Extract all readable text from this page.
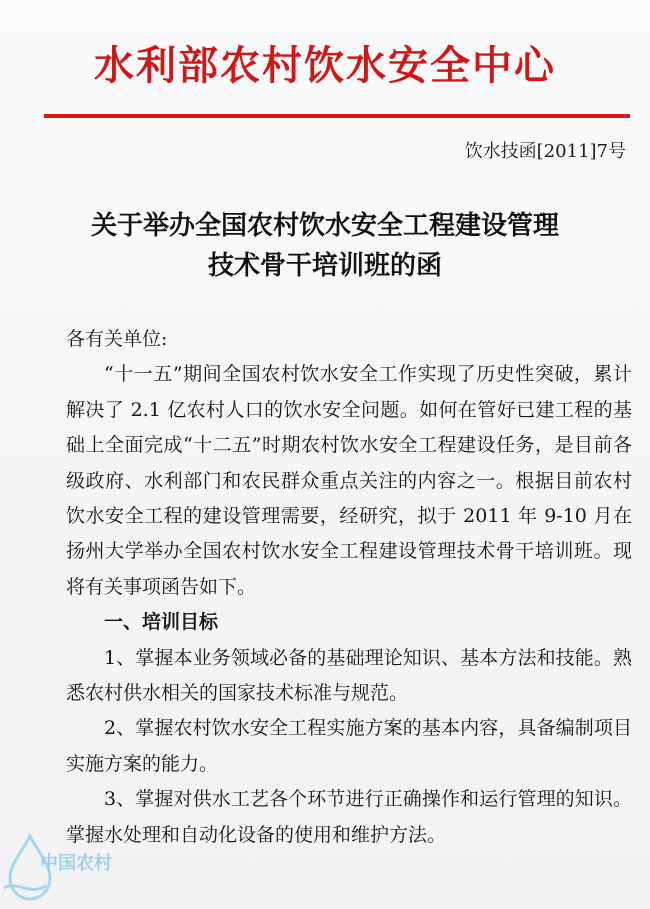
水利部农村饮水安全中心
饮水技函[2011]7号
关于举办全国农村饮水安全工程建设管理
技术骨干培训班的函

各有关单位:

“十一五”期间全国农村饮水安全工作实现了历史性突破，累计解决了 2.1 亿农村人口的饮水安全问题。如何在管好已建工程的基础上全面完成“十二五”时期农村饮水安全工程建设任务，是目前各级政府、水利部门和农民群众重点关注的内容之一。根据目前农村饮水安全工程的建设管理需要，经研究，拟于 2011 年 9-10 月在扬州大学举办全国农村饮水安全工程建设管理技术骨干培训班。现将有关事项函告如下。

一、培训目标

1、掌握本业务领域必备的基础理论知识、基本方法和技能。熟悉农村供水相关的国家技术标准与规范。

2、掌握农村饮水安全工程实施方案的基本内容，具备编制项目实施方案的能力。

3、掌握对供水工艺各个环节进行正确操作和运行管理的知识。掌握水处理和自动化设备的使用和维护方法。

中国农村
